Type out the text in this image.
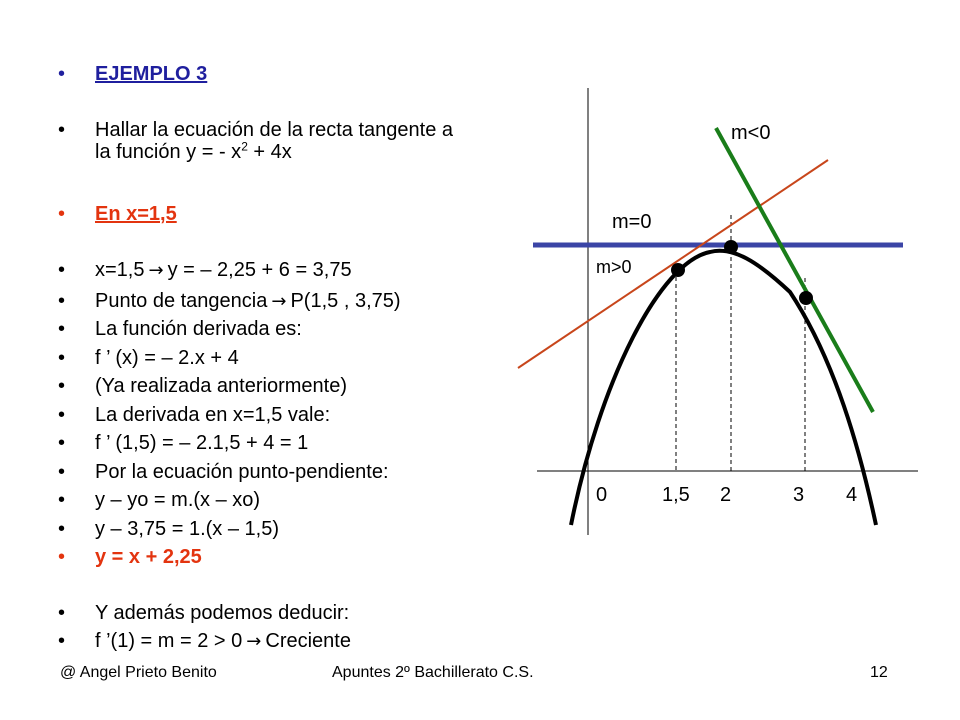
• EJEMPLO 3
• Hallar la ecuación de la recta tangente a
la función y = - $x^2 + 4x$
• En x=1,5
• x=1,5 → y = – 2,25 + 6 = 3,75
• Punto de tangencia → P(1,5 , 3,75)
• La función derivada es:
• f ’ (x) = – 2.x + 4
• (Ya realizada anteriormente)
• La derivada en x=1,5 vale:
• f ’ (1,5) = – 2.1,5 + 4 = 1
• Por la ecuación punto-pendiente:
• y – yo = m.(x – xo)
• y – 3,75 = 1.(x – 1,5)
• y = x + 2,25
• Y además podemos deducir:
• f ’(1) = m = 2 > 0 → Creciente
m<0
m=0
m>0
0	1,5 2	3 4
@ Angel Prieto Benito	Apuntes 2º Bachillerato C.S.	12
